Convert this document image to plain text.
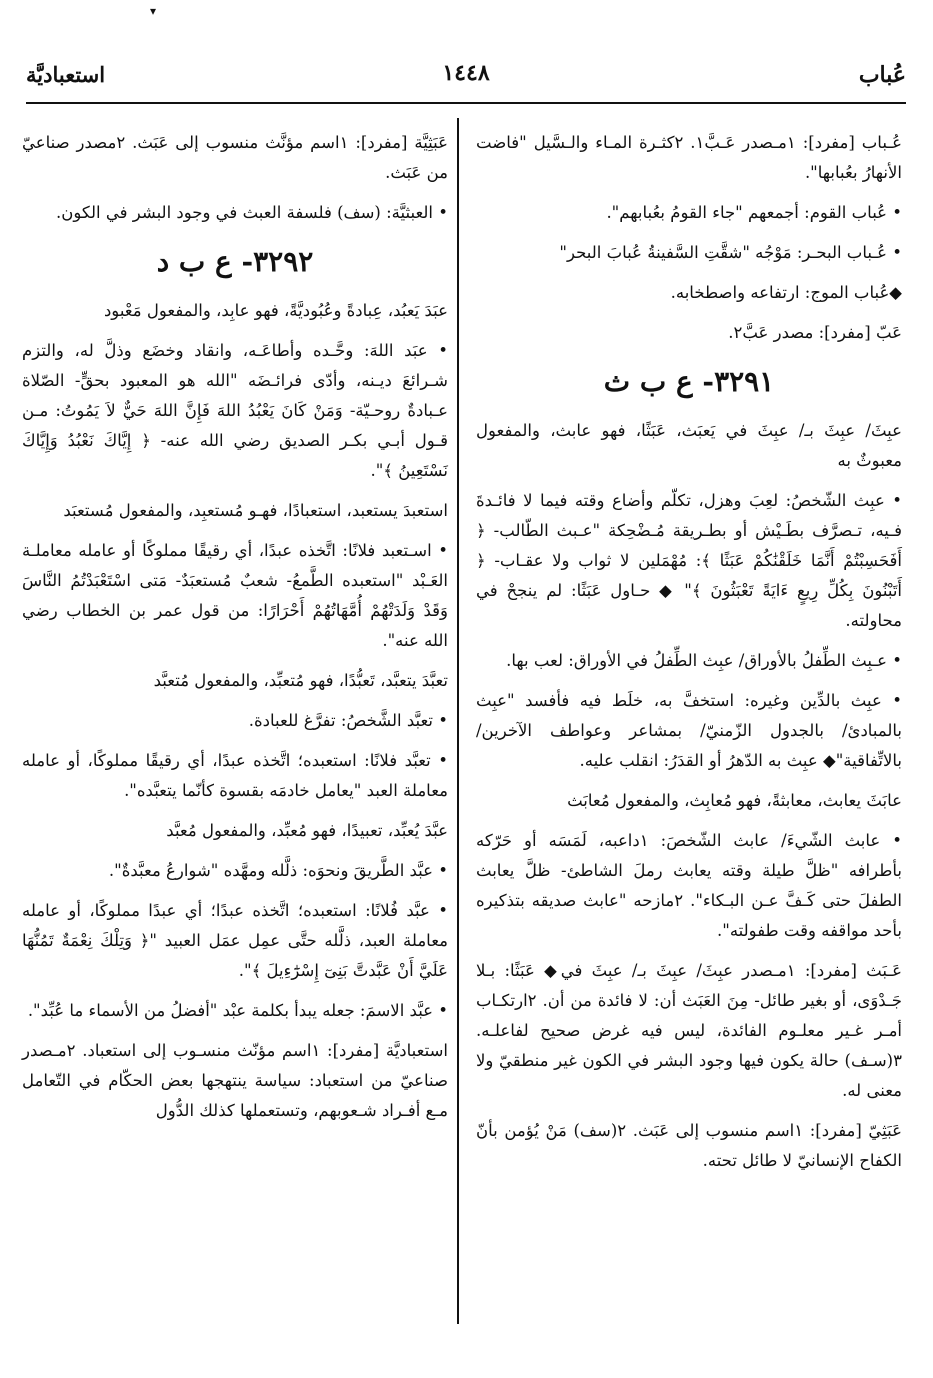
▾
عُباب
١٤٤٨
استعباديَّة

عُـباب [مفرد]: ١مـصدر عَـبَّ١. ٢كثـرة المـاء والـسَّيل "فاضت الأنهارُ بعُبابها".

• عُباب القوم: أجمعهم "جاء القومُ بعُبابهم".

• عُـباب البحـر: مَوْجُه "شقَّتِ السَّفينةُ عُبابَ البحر"

◆عُباب الموج: ارتفاعه واصطخابه.

عَبّ [مفرد]: مصدر عَبَّ٢.

٣٢٩١- ع ب ث

عبِثَ/ عبِثَ بـ/ عبِثَ في يَعبَث، عَبَثًا، فهو عابث، والمفعول معبوثٌ به

• عبِث الشّخصُ: لعِبَ وهزل، تكلّم وأضاع وقته فيما لا فائـدةَ فـيه، تـصرَّف بطَـيْش أو بطـريقة مُـضْحِكة "عـبث الطّالب- ﴿ أَفَحَسِبْتُمْ أَنَّمَا خَلَقْنَٰكُمْ عَبَثًا ﴾: مُهْمَلين لا ثواب ولا عقـاب- ﴿ أَتَبْنُونَ بِكُلِّ رِيعٍ ءَايَةً تَعْبَثُونَ ﴾" ◆ حـاول عَبَثًا: لم ينجحْ في محاولته.

• عـبِث الطِّفلُ بالأوراق/ عبِث الطِّفلُ في الأوراق: لعب بها.

• عبِث بالدِّين وغيره: استخفَّ به، خلَط فيه فأفسد "عبِث بالمبادئ/ بالجدول الزّمنيّ/ بمشاعر وعواطف الآخرين/ بالاتِّفاقية"◆ عبِث به الدّهرُ أو القدَرُ: انقلب عليه.

عابَثَ يعابث، معابثةً، فهو مُعابِث، والمفعول مُعابَث

• عابث الشّيءَ/ عابث الشّخصَ: ١داعبه، لَمَسَه أو حَرّكه بأطرافه "ظلَّ طيلة وقته يعابث رملَ الشاطئ- ظلَّ يعابث الطفلَ حتى كَـفَّ عـن البـكاء". ٢مازحه "عابث صديقه بتذكيره بأحد مواقفه وقت طفولته".

عَـبَث [مفرد]: ١مـصدر عبِثَ/ عبِثَ بـ/ عبِثَ في◆ عَبَثًا: بـلا جَـدْوَى، أو بغير طائل- مِنَ العَبَث أن: لا فائدة من أن. ٢ارتكـاب أمـر غـير معلـوم الفائدة، ليس فيه غرض صحيح لفاعلـه. ٣(سـف) حالة يكون فيها وجود البشر في الكون غير منطقيّ ولا معنى له.

عَبَثِيّ [مفرد]: ١اسم منسوب إلى عَبَث. ٢(سف) مَنْ يُؤمن بأنّ الكفاح الإنسانيّ لا طائل تحته.

عَبَثِيَّة [مفرد]: ١اسم مؤنَّث منسوب إلى عَبَث. ٢مصدر صناعيّ من عَبَث.

• العبثيَّة: (سف) فلسفة العبث في وجود البشر في الكون.

٣٢٩٢- ع ب د

عبَدَ يَعبُد، عِبادةً وعُبُوديَّةً، فهو عابِد، والمفعول مَعْبود

• عبَد اللهَ: وحَّـده وأطاعَـه، وانقاد وخضَع وذلَّ له، والتزم شـرائعَ ديـنه، وأدّى فرائـضَه "الله هو المعبود بحقٍّ- الصّلاة عـبادةٌ روحـيّة- وَمَنْ كَانَ يَعْبُدُ اللهَ فَإِنَّ اللهَ حَيٌّ لاَ يَمُوتُ: مـن قـول أبـي بكـر الصديق رضي الله عنه- ﴿ إِيَّاكَ نَعْبُدُ وَإِيَّاكَ نَسْتَعِينُ ﴾".

استعبدَ يستعبد، استعبادًا، فهـو مُستعبِد، والمفعول مُستعبَد

• اسـتعبد فلانًا: اتَّخذه عبدًا، أي رقيقًا مملوكًا أو عامله معاملـة العَـبْد "استعبده الطَّمعُ- شعبٌ مُستعبَدٌ- مَتى اسْتَعْبَدْتُمُ النَّاسَ وَقَدْ وَلَدَتْهُمْ أُمَّهَاتُهُمْ أَحْرَارًا: من قول عمر بن الخطاب رضي الله عنه".

تعبَّدَ يتعبَّد، تَعبُّدًا، فهو مُتعبِّد، والمفعول مُتعبَّد

• تعبَّد الشَّخصُ: تفرَّغ للعبادة.

• تعبَّد فلانًا: استعبده؛ اتَّخذه عبدًا، أي رقيقًا مملوكًا، أو عامله معاملة العبد "يعامل خادمَه بقسوة كأنّما يتعبَّده".

عبَّدَ يُعبِّد، تعبيدًا، فهو مُعبِّد، والمفعول مُعبَّد

• عبَّد الطَّريقَ ونحوَه: ذلَّله ومهَّده "شوارعُ معبَّدةٌ".

• عبَّد فُلانًا: استعبده؛ اتَّخذه عبدًا؛ أي عبدًا مملوكًا، أو عامله معاملة العبد، ذلَّله حتَّى عمِل عمَل العبيد "﴿ وَتِلْكَ نِعْمَةٌ تَمُنُّهَا عَلَيَّ أَنْ عَبَّدتَّ بَنِىٓ إِسْرَٰٓءِيلَ ﴾".

• عبَّد الاسمَ: جعله يبدأ بكلمة عبْد "أفضلُ من الأسماء ما عُبِّد".

استعباديَّة [مفرد]: ١اسم مؤنّث منسـوب إلى استعباد. ٢مـصدر صناعيّ من استعباد: سياسة ينتهجها بعض الحكّام في التّعامل مـع أفـراد شـعوبهم، وتستعملها كذلك الدُّول
